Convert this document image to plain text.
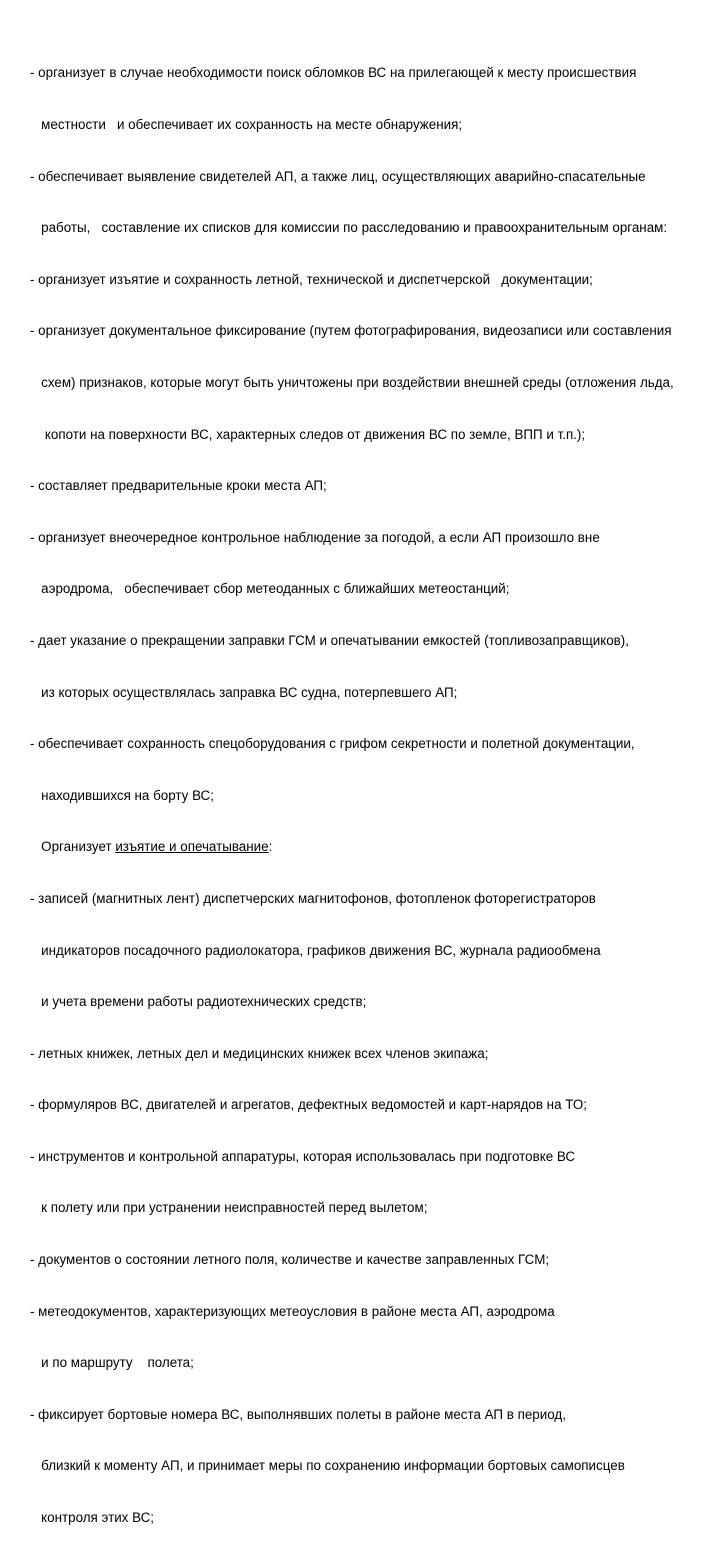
- организует в случае необходимости поиск обломков ВС на прилегающей к месту происшествия

местности   и обеспечивает их сохранность на месте обнаружения;

- обеспечивает выявление свидетелей АП, а также лиц, осуществляющих аварийно-спасательные

работы,   составление их списков для комиссии по расследованию и правоохранительным органам:

- организует изъятие и сохранность летной, технической и диспетчерской   документации;

- организует документальное фиксирование (путем фотографирования, видеозаписи или составления

схем) признаков, которые могут быть уничтожены при воздействии внешней среды (отложения льда,

копоти на поверхности ВС, характерных следов от движения ВС по земле, ВПП и т.п.);

- составляет предварительные кроки места АП;

- организует внеочередное контрольное наблюдение за погодой, а если АП произошло вне

аэродрома,   обеспечивает сбор метеоданных с ближайших метеостанций;

- дает указание о прекращении заправки ГСМ и опечатывании емкостей (топливозаправщиков),

из которых осуществлялась заправка ВС судна, потерпевшего АП;

- обеспечивает сохранность спецоборудования с грифом секретности и полетной документации,

находившихся на борту ВС;

Организует изъятие и опечатывание:

- записей (магнитных лент) диспетчерских магнитофонов, фотопленок фоторегистраторов

индикаторов посадочного радиолокатора, графиков движения ВС, журнала радиообмена

и учета времени работы радиотехнических средств;

- летных книжек, летных дел и медицинских книжек всех членов экипажа;

- формуляров ВС, двигателей и агрегатов, дефектных ведомостей и карт-нарядов на ТО;

- инструментов и контрольной аппаратуры, которая использовалась при подготовке ВС

к полету или при устранении неисправностей перед вылетом;

- документов о состоянии летного поля, количестве и качестве заправленных ГСМ;

- метеодокументов, характеризующих метеоусловия в районе места АП, аэродрома

и по маршруту    полета;

- фиксирует бортовые номера ВС, выполнявших полеты в районе места АП в период,

близкий к моменту АП, и принимает меры по сохранению информации бортовых самописцев

контроля этих ВС;
